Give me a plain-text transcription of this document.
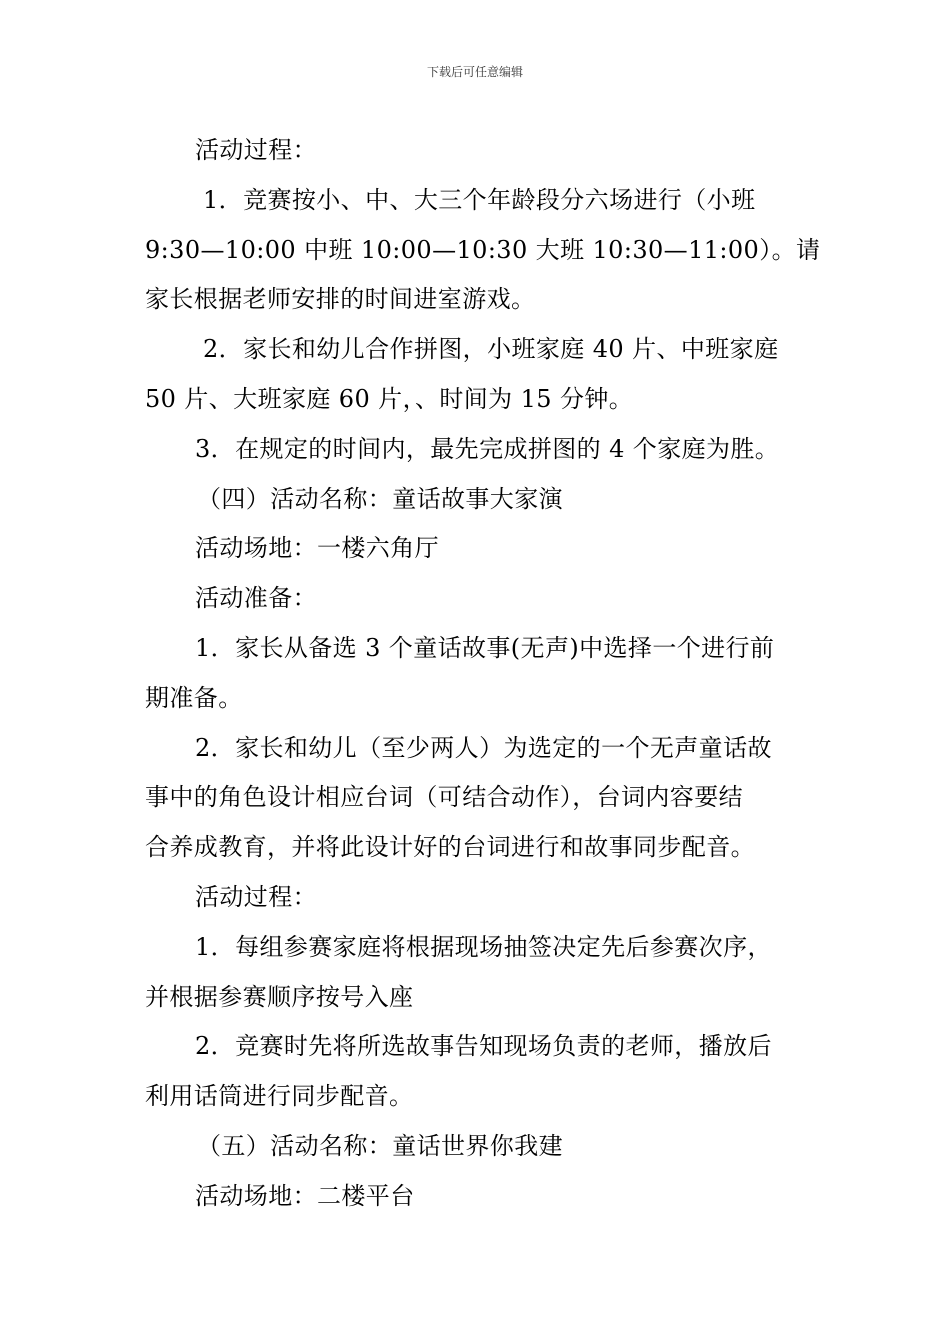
下载后可任意编辑
活动过程：
1．竞赛按小、中、大三个年龄段分六场进行（小班
9:30—10:00 中班 10:00—10:30 大班 10:30—11:00）。请
家长根据老师安排的时间进室游戏。
2．家长和幼儿合作拼图，小班家庭 40 片、中班家庭
50 片、大班家庭 60 片，、时间为 15 分钟。
3．在规定的时间内，最先完成拼图的 4 个家庭为胜。
（四）活动名称：童话故事大家演
活动场地：一楼六角厅
活动准备：
1．家长从备选 3 个童话故事(无声)中选择一个进行前
期准备。
2．家长和幼儿（至少两人）为选定的一个无声童话故
事中的角色设计相应台词（可结合动作），台词内容要结
合养成教育，并将此设计好的台词进行和故事同步配音。
活动过程：
1．每组参赛家庭将根据现场抽签决定先后参赛次序，
并根据参赛顺序按号入座
2．竞赛时先将所选故事告知现场负责的老师，播放后
利用话筒进行同步配音。
（五）活动名称：童话世界你我建
活动场地：二楼平台
